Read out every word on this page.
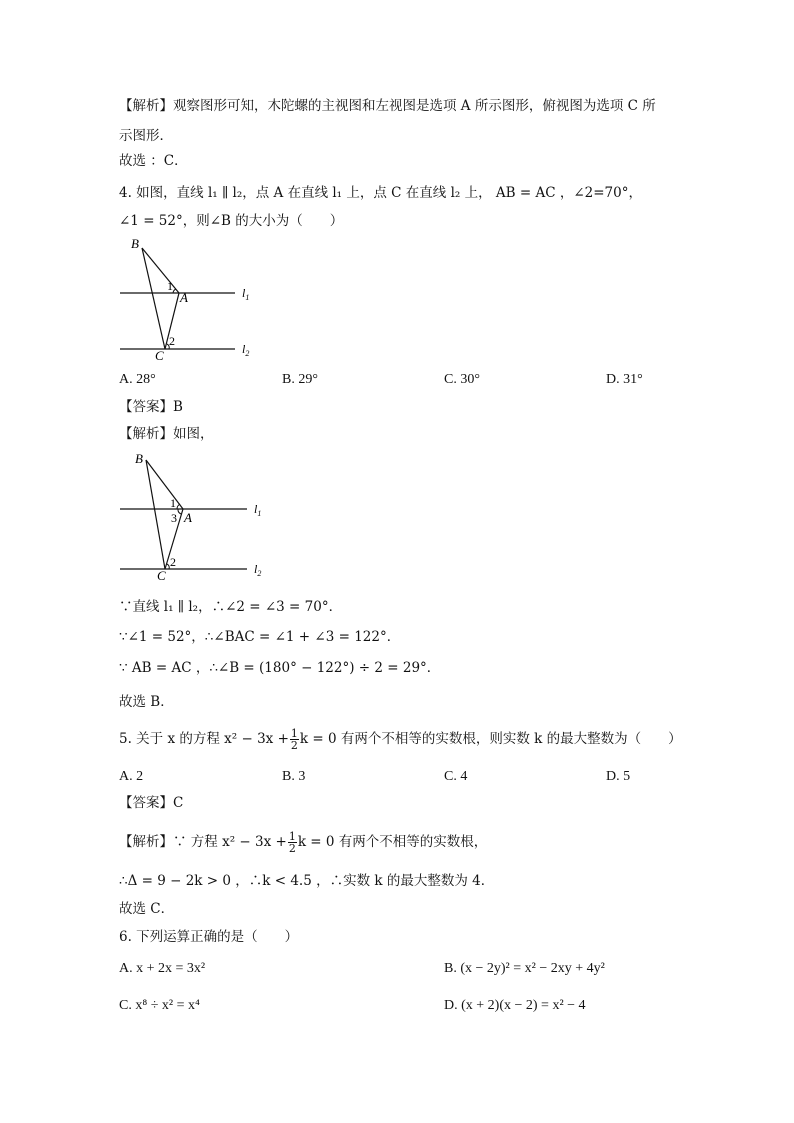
【解析】观察图形可知，木陀螺的主视图和左视图是选项 A 所示图形，俯视图为选项 C 所
示图形．
故选 ：C．
4. 如图，直线 l₁ ∥ l₂，点 A 在直线 l₁ 上，点 C 在直线 l₂ 上， AB = AC ，∠2=70°，
∠1 = 52°，则∠B 的大小为（　　）
B
1
A
2
C
$l_1$
$l_2$
A. 28°	B. 29°	C. 30°	D. 31°
【答案】B
【解析】如图，
B
1
3 A
2
C
$l_1$
$l_2$
∵直线 l₁ ∥ l₂，∴∠2 = ∠3 = 70°．
∵∠1 = 52°，∴∠BAC = ∠1 + ∠3 = 122°．
∵ AB = AC ，∴∠B = (180° − 122°) ÷ 2 = 29°．
故选 B．
5. 关于 x 的方程 $x^2 - 3x + \frac{1}{2}$ k = 0 有两个不相等的实数根，则实数 k 的最大整数为（　　）
A. 2	B. 3	C. 4	D. 5
【答案】C
【解析】∵ 方程 $x^2 - 3x + \frac{1}{2}$ k = 0 有两个不相等的实数根，
∴Δ = 9 − 2k > 0 ，∴k < 4.5 ，∴实数 k 的最大整数为 4．
故选 C．
6. 下列运算正确的是（　　）
A. x + 2x = 3x²	B. (x − 2y)² = x² − 2xy + 4y²
C. x⁸ ÷ x² = x⁴	D. (x + 2)(x − 2) = x² − 4
